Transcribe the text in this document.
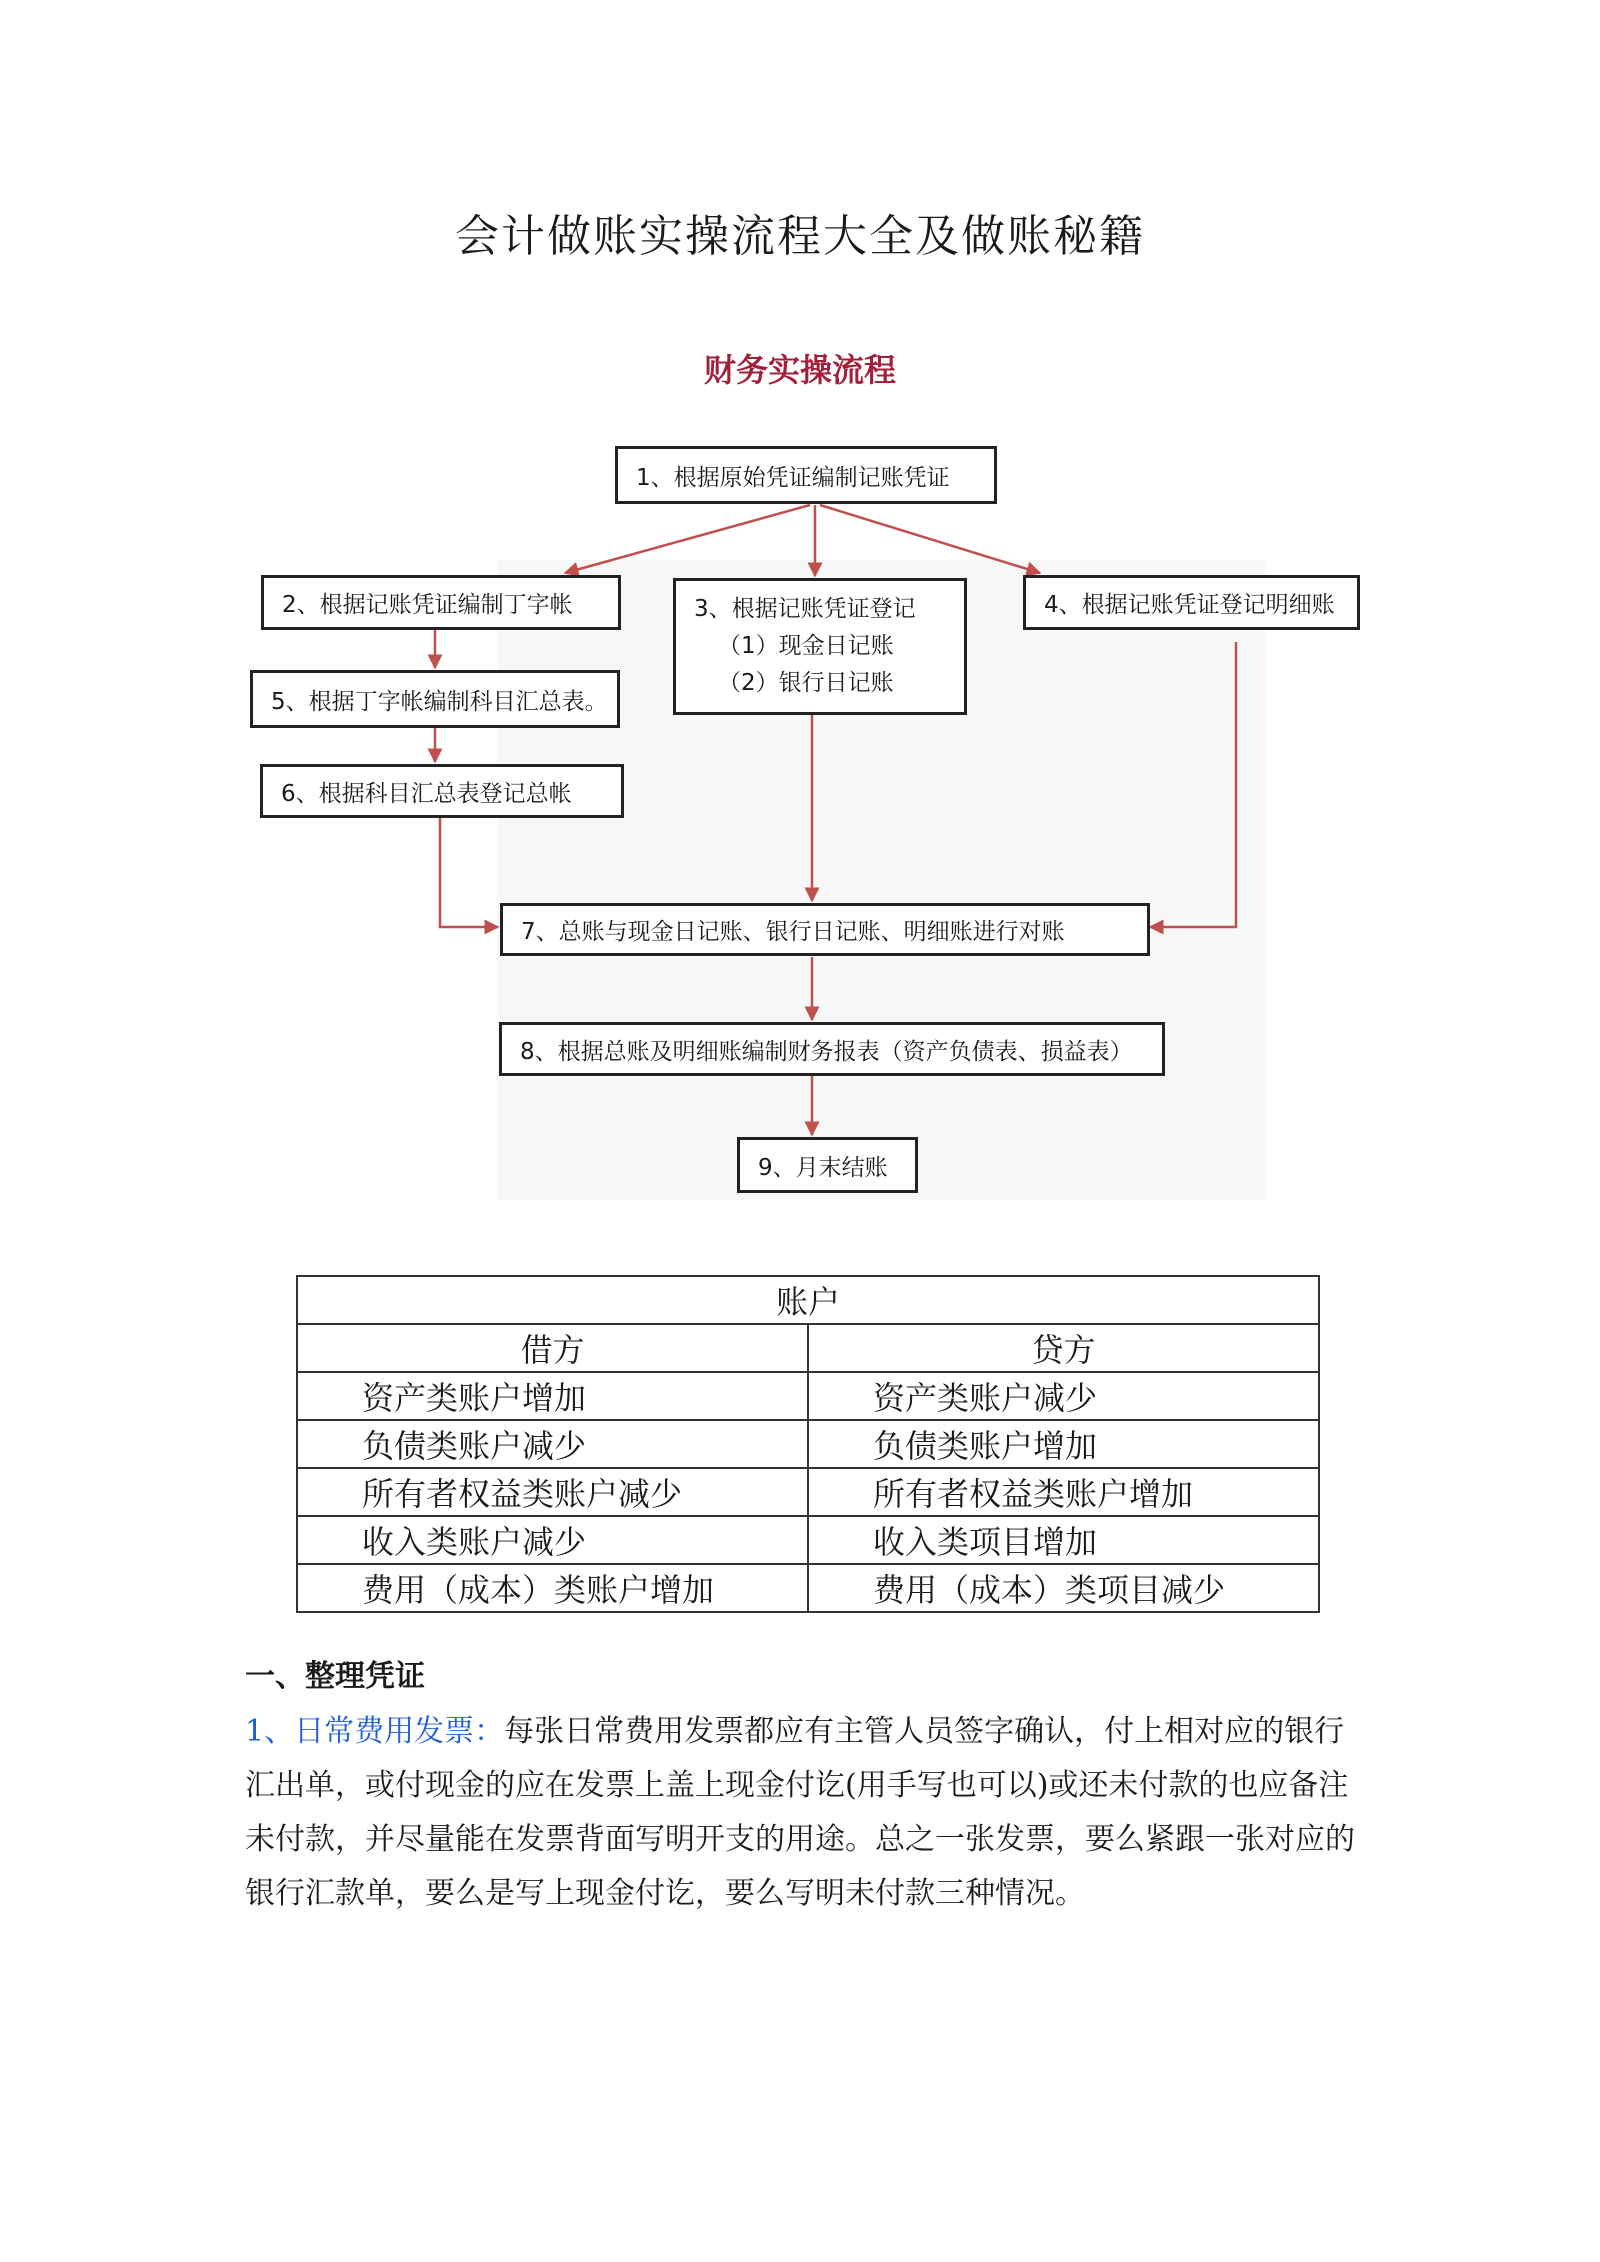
会计做账实操流程大全及做账秘籍
财务实操流程
1、根据原始凭证编制记账凭证
2、根据记账凭证编制丁字帐	3、根据记账凭证登记
（1）现金日记账
（2）银行日记账
4、根据记账凭证登记明细账
5、根据丁字帐编制科目汇总表。
6、根据科目汇总表登记总帐
7、总账与现金日记账、银行日记账、明细账进行对账
8、根据总账及明细账编制财务报表（资产负债表、损益表）
9、月末结账
账户	
借方	贷方
资产类账户增加	资产类账户减少
负债类账户减少	负债类账户增加
所有者权益类账户减少	所有者权益类账户增加
收入类账户减少	收入类项目增加
费用（成本）类账户增加	费用（成本）类项目减少
一、整理凭证
1、日常费用发票：每张日常费用发票都应有主管人员签字确认，付上相对应的银行汇出单，或付现金的应在发票上盖上现金付讫(用手写也可以)或还未付款的也应备注未付款，并尽量能在发票背面写明开支的用途。总之一张发票，要么紧跟一张对应的银行汇款单，要么是写上现金付讫，要么写明未付款三种情况。
